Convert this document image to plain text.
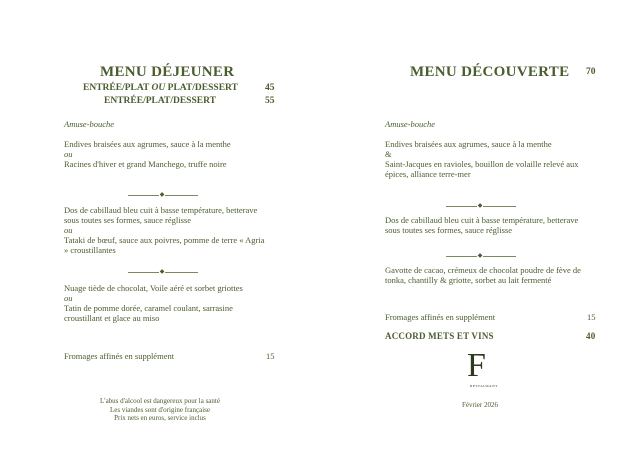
MENU DÉJEUNER
ENTRÉE/PLAT OU PLAT/DESSERT	45
ENTRÉE/PLAT/DESSERT	55
Amuse-bouche
Endives braisées aux agrumes, sauce à la menthe
ou
Racines d'hiver et grand Manchego, truffe noire
◆
Dos de cabillaud bleu cuit à basse température, betterave sous toutes ses formes, sauce réglisse
ou
Tataki de bœuf, sauce aux poivres, pomme de terre « Agria » croustillantes
◆
Nuage tiède de chocolat, Voile aéré et sorbet griottes
ou
Tatin de pomme dorée, caramel coulant, sarrasine croustillant et glace au miso
Fromages affinés en supplément	15
L'abus d'alcool est dangereux pour la santé
Les viandes sont d'origine française
Prix nets en euros, service inclus
MENU DÉCOUVERTE 70
Amuse-bouche
Endives braisées aux agrumes, sauce à la menthe
&
Saint-Jacques en ravioles, bouillon de volaille relevé aux épices, alliance terre-mer
◆
Dos de cabillaud bleu cuit à basse température, betterave sous toutes ses formes, sauce réglisse
◆
Gavotte de cacao, crémeux de chocolat poudre de fève de tonka, chantilly & griotte, sorbet au lait fermenté
Fromages affinés en supplément	15
ACCORD METS ET VINS	40
F
RESTAURANT
Février 2026
